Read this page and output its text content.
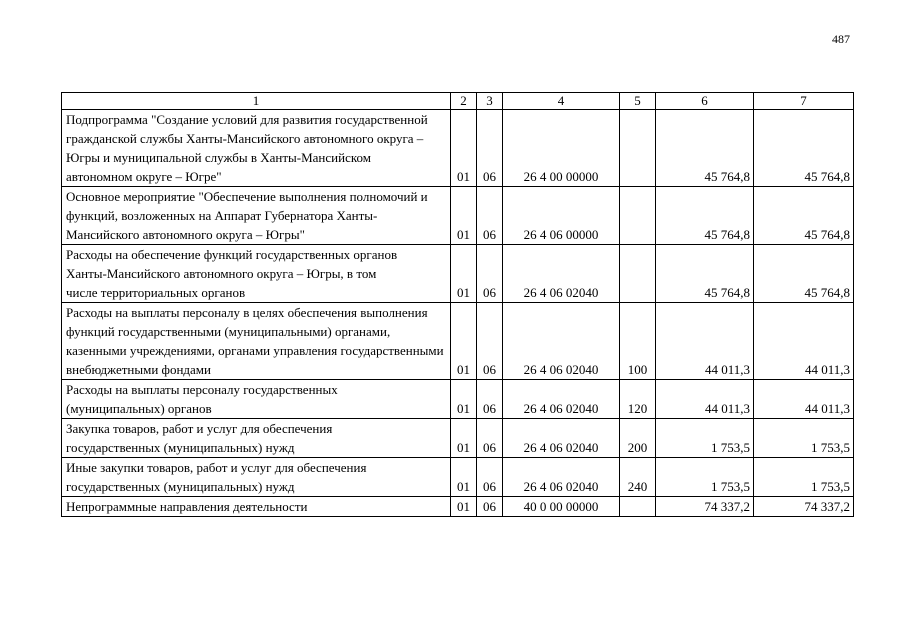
487
1	2	3	4	5	6	7

Подпрограмма "Создание условий для развития государственной гражданской службы Ханты-Мансийского автономного округа – Югры и муниципальной службы в Ханты-Мансийском автономном округе – Югре"	01	06	26 4 00 00000		45 764,8	45 764,8

Основное мероприятие "Обеспечение выполнения полномочий и функций, возложенных на Аппарат Губернатора Ханты-Мансийского автономного округа – Югры"	01	06	26 4 06 00000		45 764,8	45 764,8

Расходы на обеспечение функций государственных органов Ханты-Мансийского автономного округа – Югры, в том числе территориальных органов	01	06	26 4 06 02040		45 764,8	45 764,8

Расходы на выплаты персоналу в целях обеспечения выполнения функций государственными (муниципальными) органами, казенными учреждениями, органами управления государственными внебюджетными фондами	01	06	26 4 06 02040	100	44 011,3	44 011,3

Расходы на выплаты персоналу государственных (муниципальных) органов	01	06	26 4 06 02040	120	44 011,3	44 011,3

Закупка товаров, работ и услуг для обеспечения государственных (муниципальных) нужд	01	06	26 4 06 02040	200	1 753,5	1 753,5

Иные закупки товаров, работ и услуг для обеспечения государственных (муниципальных) нужд	01	06	26 4 06 02040	240	1 753,5	1 753,5

Непрограммные направления деятельности	01	06	40 0 00 00000		74 337,2	74 337,2
